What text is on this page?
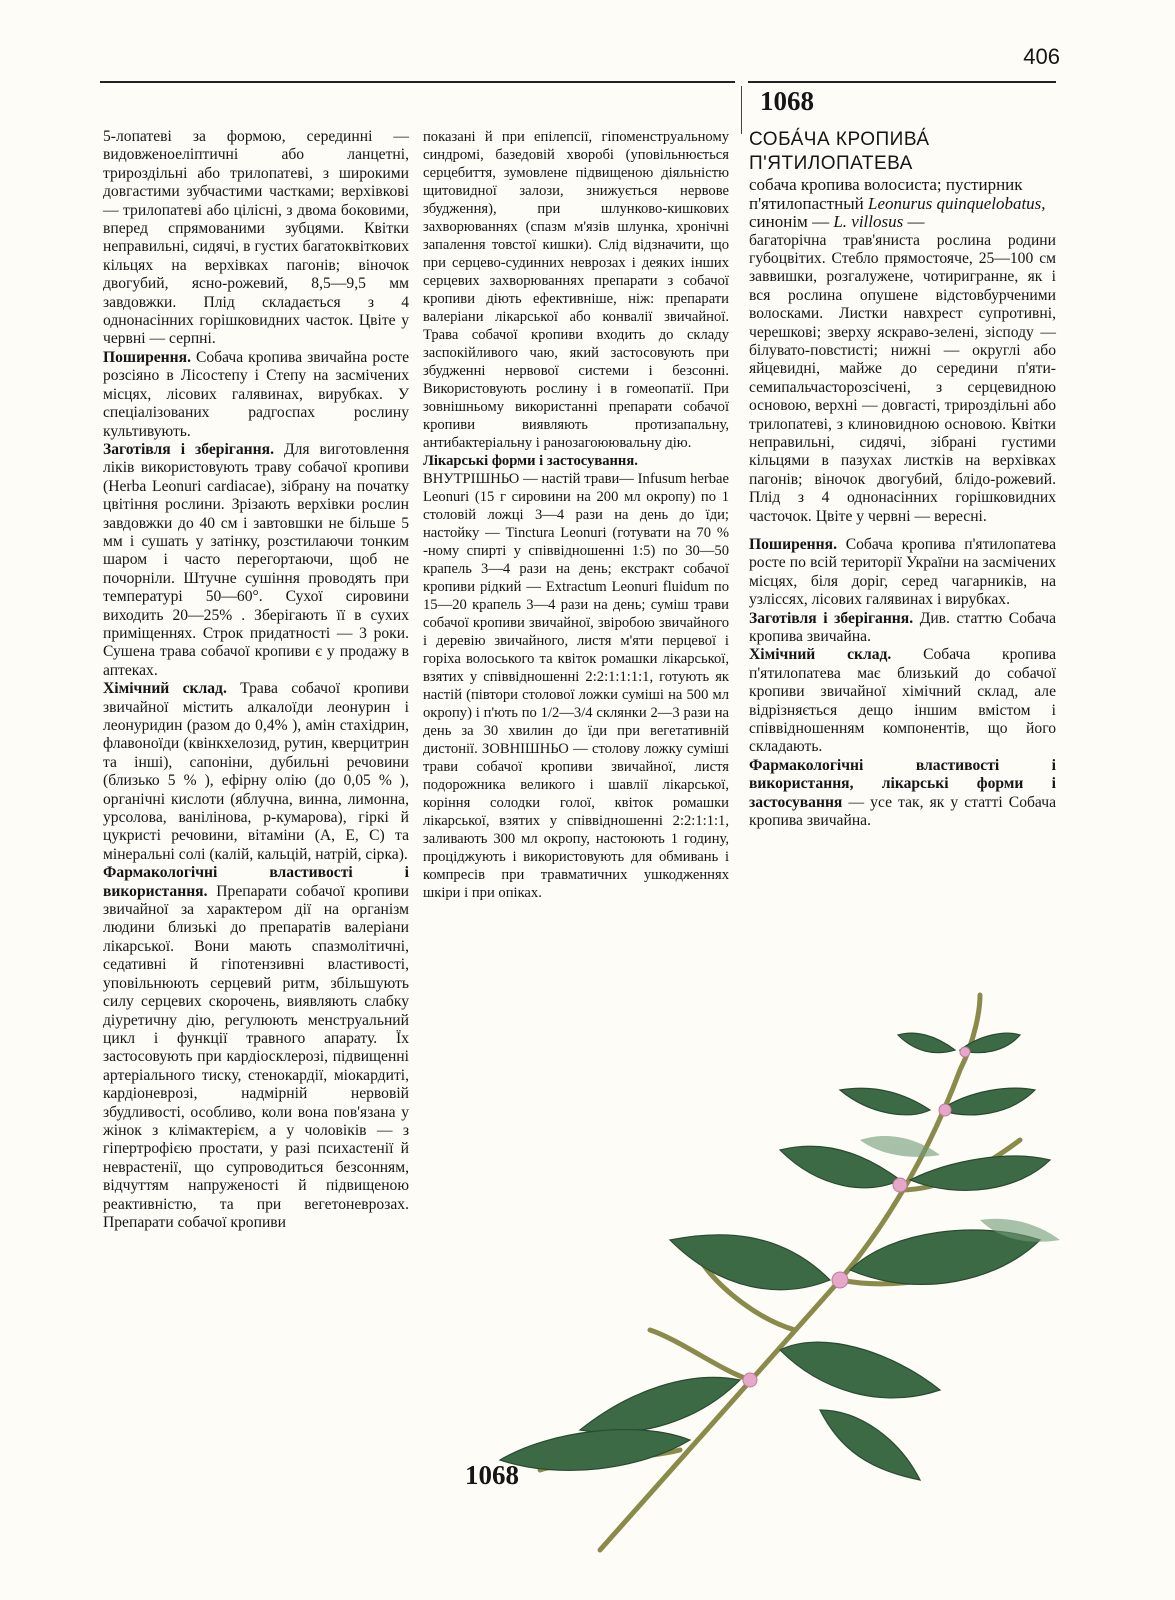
406
1068

5-лопатеві за формою, серединні — видовженоеліптичні або ланцетні, трироздільні або трилопатеві, з широкими довгастими зубчастими частками; верхівкові — трилопатеві або цілісні, з двома боковими, вперед спрямованими зубцями. Квітки неправильні, сидячі, в густих багатоквіткових кільцях на верхівках пагонів; віночок двогубий, ясно-рожевий, 8,5—9,5 мм завдовжки. Плід складається з 4 однонасінних горішковидних часток. Цвіте у червні — серпні.

Поширення. Собача кропива звичайна росте розсіяно в Лісостепу і Степу на засмічених місцях, лісових галявинах, вирубках. У спеціалізованих радгоспах рослину культивують.

Заготівля і зберігання. Для виготовлення ліків використовують траву собачої кропиви (Herba Leonuri cardiacae), зібрану на початку цвітіння рослини. Зрізають верхівки рослин завдовжки до 40 см і завтовшки не більше 5 мм і сушать у затінку, розстилаючи тонким шаром і часто перегортаючи, щоб не почорніли. Штучне сушіння проводять при температурі 50—60°. Сухої сировини виходить 20—25% . Зберігають її в сухих приміщеннях. Строк придатності — 3 роки. Сушена трава собачої кропиви є у продажу в аптеках.

Хімічний склад. Трава собачої кропиви звичайної містить алкалоїди леонурин і леонуридин (разом до 0,4% ), амін стахідрин, флавоноїди (квінкхелозид, рутин, кверцитрин та інші), сапоніни, дубильні речовини (близько 5 % ), ефірну олію (до 0,05 % ), органічні кислоти (яблучна, винна, лимонна, урсолова, ванілінова, р-кумарова), гіркі й цукристі речовини, вітаміни (А, Е, С) та мінеральні солі (калій, кальцій, натрій, сірка).

Фармакологічні властивості і використання. Препарати собачої кропиви звичайної за характером дії на організм людини близькі до препаратів валеріани лікарської. Вони мають спазмолітичні, седативні й гіпотензивні властивості, уповільнюють серцевий ритм, збільшують силу серцевих скорочень, виявляють слабку діуретичну дію, регулюють менструальний цикл і функції травного апарату. Їх застосовують при кардіосклерозі, підвищенні артеріального тиску, стенокардії, міокардиті, кардіоневрозі, надмірній нервовій збудливості, особливо, коли вона пов'язана у жінок з клімактерієм, а у чоловіків — з гіпертрофією простати, у разі психастенії й неврастенії, що супроводиться безсонням, відчуттям напруженості й підвищеною реактивністю, та при вегетоневрозах. Препарати собачої кропиви

показані й при епілепсії, гіпоменструальному синдромі, базедовій хворобі (уповільнюється серцебиття, зумовлене підвищеною діяльністю щитовидної залози, знижується нервове збудження), при шлунково-кишкових захворюваннях (спазм м'язів шлунка, хронічні запалення товстої кишки). Слід відзначити, що при серцево-судинних неврозах і деяких інших серцевих захворюваннях препарати з собачої кропиви діють ефективніше, ніж: препарати валеріани лікарської або конвалії звичайної. Трава собачої кропиви входить до складу заспокійливого чаю, який застосовують при збудженні нервової системи і безсонні. Використовують рослину і в гомеопатії. При зовнішньому використанні препарати собачої кропиви виявляють протизапальну, антибактеріальну і ранозагоюювальну дію.

Лікарські форми і застосування.

ВНУТРІШНЬО — настій трави— Infusum herbae Leonuri (15 г сировини на 200 мл окропу) по 1 столовій ложці 3—4 рази на день до їди; настойку — Tinctura Leonuri (готувати на 70 % -ному спирті у співвідношенні 1:5) по 30—50 крапель 3—4 рази на день; екстракт собачої кропиви рідкий — Extractum Leonuri fluidum по 15—20 крапель 3—4 рази на день; суміш трави собачої кропиви звичайної, звіробою звичайного і деревію звичайного, листя м'яти перцевої і горіха волоського та квіток ромашки лікарської, взятих у співвідношенні 2:2:1:1:1:1, готують як настій (півтори столової ложки суміші на 500 мл окропу) і п'ють по 1/2—3/4 склянки 2—3 рази на день за 30 хвилин до їди при вегетативній дистонії. ЗОВНІШНЬО — столову ложку суміші трави собачої кропиви звичайної, листя подорожника великого і шавлії лікарської, коріння солодки голої, квіток ромашки лікарської, взятих у співвідношенні 2:2:1:1:1, заливають 300 мл окропу, настоюють 1 годину, проціджують і використовують для обмивань і компресів при травматичних ушкодженнях шкіри і при опіках.

СОБА́ЧА КРОПИВА́

П'ЯТИЛОПАТЕВА

собача кропива волосиста; пустирник п'ятилопастный Leonurus quinquelobatus, синонім — L. villosus —

багаторічна трав'яниста рослина родини губоцвітих. Стебло прямостояче, 25—100 см заввишки, розгалужене, чотиригранне, як і вся рослина опушене відстовбурченими волосками. Листки навхрест супротивні, черешкові; зверху яскраво-зелені, зісподу — білувато-повстисті; нижні — округлі або яйцевидні, майже до середини п'яти- семипальчасторозсічені, з серцевидною основою, верхні — довгасті, трироздільні або трилопатеві, з клиновидною основою. Квітки неправильні, сидячі, зібрані густими кільцями в пазухах листків на верхівках пагонів; віночок двогубий, блідо-рожевий. Плід з 4 однонасінних горішковидних часточок. Цвіте у червні — вересні.

Поширення. Собача кропива п'ятилопатева росте по всій території України на засмічених місцях, біля доріг, серед чагарників, на узліссях, лісових галявинах і вирубках.

Заготівля і зберігання. Див. статтю Собача кропива звичайна.

Хімічний склад. Собача кропива п'ятилопатева має близький до собачої кропиви звичайної хімічний склад, але відрізняється дещо іншим вмістом і співвідношенням компонентів, що його складають.

Фармакологічні властивості і використання, лікарські форми і застосування — усе так, як у статті Собача кропива звичайна.

1068
